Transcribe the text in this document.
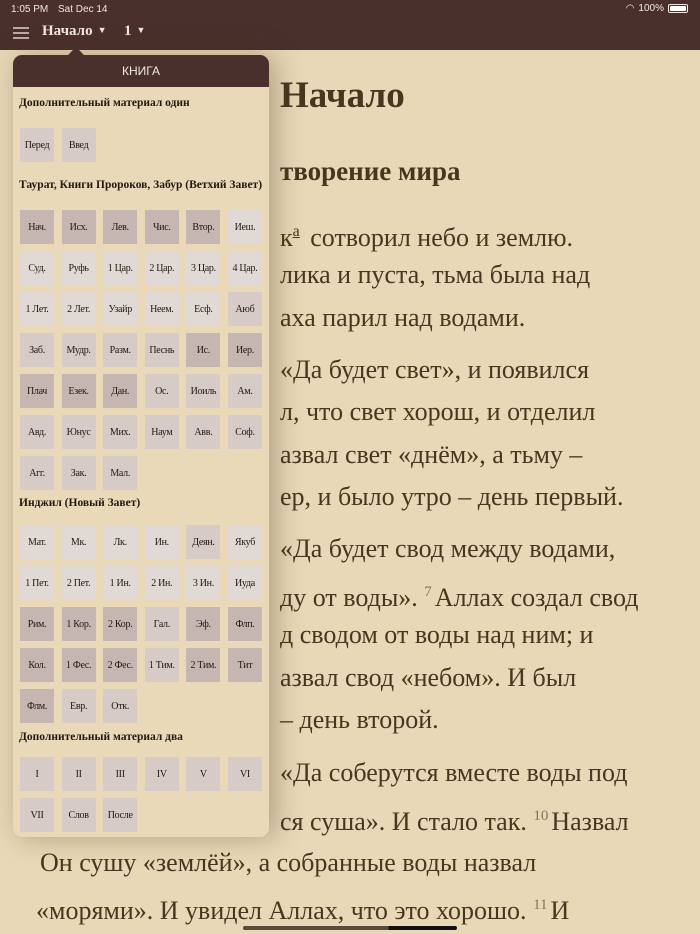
1:05 PM Sat Dec 14	◠ 100%
Начало ▼ 1 ▼
Начало
творение мира
к$^a$ сотворил небо и землю.
лика и пуста, тьма была над
аха парил над водами.
«Да будет свет», и появился
л, что свет хорош, и отделил
азвал свет «днём», а тьму –
ер, и было утро – день первый.
«Да будет свод между водами,
ду от воды». $^7$ Аллах создал свод
д сводом от воды над ним; и
азвал свод «небом». И был
– день второй.
«Да соберутся вместе воды под
ся суша». И стало так. $^{10}$ Назвал
Он сушу «землёй», а собранные воды назвал
«морями». И увидел Аллах, что это хорошо. $^{11}$ И
КНИГА
Дополнительный материал один
Перед	Введ
Таурат, Книги Пророков, Забур (Ветхий Завет)
Нач.	Исх.	Лев.	Чис.	Втор.	Иеш.
Суд.	Руфь	1 Цар.	2 Цар.	3 Цар.	4 Цар.
1 Лет.	2 Лет.	Узайр	Неем.	Есф.	Аюб
Заб.	Мудр.	Разм.	Песнь	Ис.	Иер.
Плач	Езек.	Дан.	Ос.	Иоиль	Ам.
Авд.	Юнус	Мих.	Наум	Авв.	Соф.
Агг.	Зак.	Мал.
Инджил (Новый Завет)
Мат.	Мк.	Лк.	Ин.	Деян.	Якуб
1 Пет.	2 Пет.	1 Ин.	2 Ин.	3 Ин.	Иуда
Рим.	1 Кор.	2 Кор.	Гал.	Эф.	Флп.
Кол.	1 Фес.	2 Фес.	1 Тим.	2 Тим.	Тит
Флм.	Евр.	Отк.
Дополнительный материал два
I	II	III	IV	V	VI
VII	Слов	После
